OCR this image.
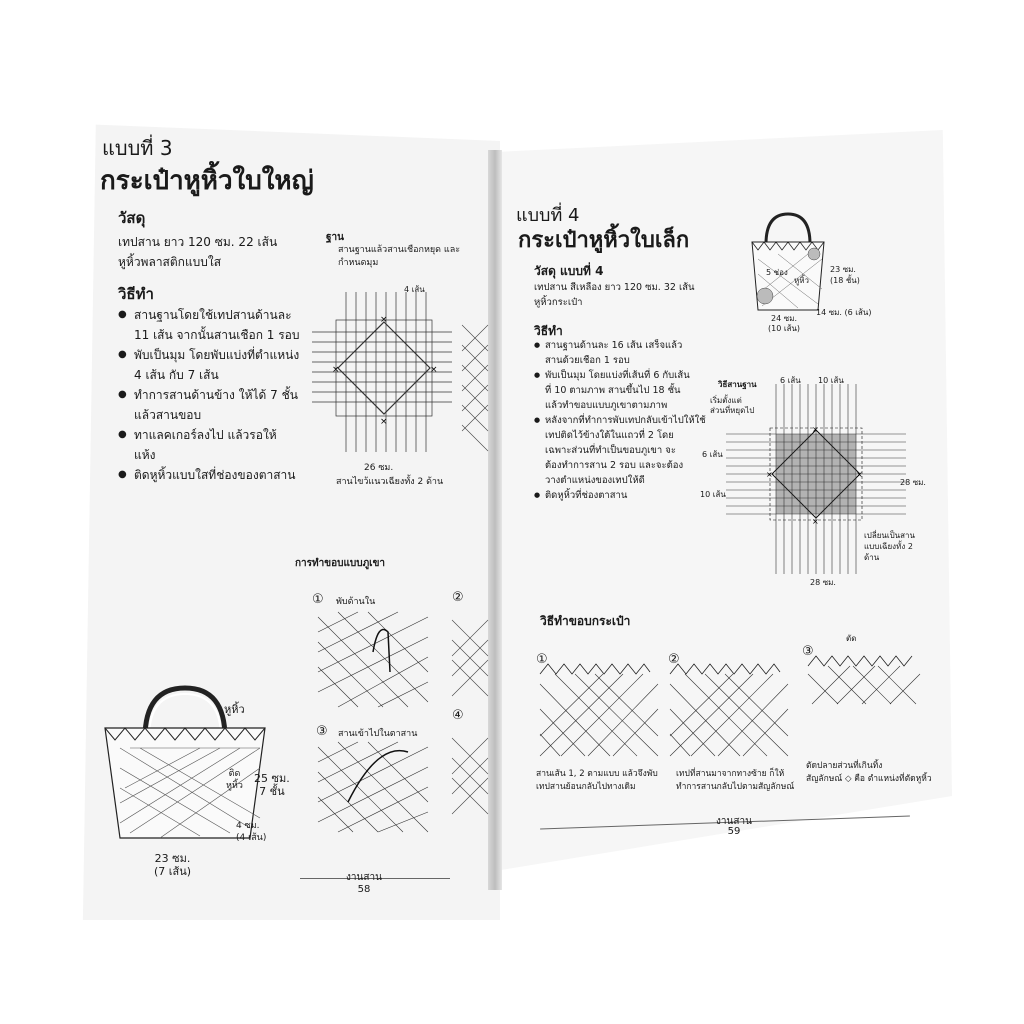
แบบที่ 3
กระเป๋าหูหิ้วใบใหญ่
วัสดุ
เทปสาน ยาว 120 ซม. 22 เส้น
หูหิ้วพลาสติกแบบใส
วิธีทำ
● สานฐานโดยใช้เทปสานด้านละ
11 เส้น จากนั้นสานเชือก 1 รอบ
● พับเป็นมุม โดยพับแบ่งที่ตำแหน่ง
4 เส้น กับ 7 เส้น
● ทำการสานด้านข้าง ให้ได้ 7 ชั้น
แล้วสานขอบ
● ทาแลคเกอร์ลงไป แล้วรอให้
แห้ง
● ติดหูหิ้วแบบใสที่ช่องของตาสาน
ฐาน
สานฐานแล้วสานเชือกหยุด และ
กำหนดมุม
4 เส้น
×
×
×
×
26 ซม.
สานไขว้แนวเฉียงทั้ง 2 ด้าน
การทำขอบแบบภูเขา
① พับด้านใน
③ สานเข้าไปในตาสาน
②
④
หูหิ้ว
ติด
หูหิ้ว
25 ซม.
7 ชั้น
4 ซม.
(4 เส้น)
23 ซม.
(7 เส้น)	งานสาน
58
แบบที่ 4
กระเป๋าหูหิ้วใบเล็ก
วัสดุ แบบที่ 4
เทปสาน สีเหลือง ยาว 120 ซม. 32 เส้น
หูหิ้วกระเป๋า
วิธีทำ
● สานฐานด้านละ 16 เส้น เสร็จแล้ว
สานด้วยเชือก 1 รอบ
● พับเป็นมุม โดยแบ่งที่เส้นที่ 6 กับเส้น
ที่ 10 ตามภาพ สานขึ้นไป 18 ชั้น
แล้วทำขอบแบบภูเขาตามภาพ
● หลังจากที่ทำการพับเทปกลับเข้าไปให้ใช้
เทปติดไว้ข้างใต้ในแถวที่ 2 โดย
เฉพาะส่วนที่ทำเป็นขอบภูเขา จะ
ต้องทำการสาน 2 รอบ และจะต้อง
วางตำแหน่งของเทปให้ดี
● ติดหูหิ้วที่ช่องตาสาน
5 ช่อง
หูหิ้ว
23 ซม.
(18 ชั้น)
14 ซม. (6 เส้น)
24 ซม.
(10 เส้น)
วิธีสานฐาน	6 เส้น 10 เส้น
เริ่มตั้งแต่
ส่วนที่หยุดไป
6 เส้น
10 เส้น
×
×
×
×
28 ซม.
28 ซม.
เปลี่ยนเป็นสาน
แบบเฉียงทั้ง 2
ด้าน
วิธีทำขอบกระเป๋า
①	②
③
ตัด
สานเส้น 1, 2 ตามแบบ แล้วจึงพับ
เทปสานย้อนกลับไปทางเดิม
เทปที่สานมาจากทางซ้าย ก็ให้
ทำการสานกลับไปตามสัญลักษณ์
ตัดปลายส่วนที่เกินทิ้ง
สัญลักษณ์ ◇ คือ ตำแหน่งที่ตัดหูหิ้ว
งานสาน
59
